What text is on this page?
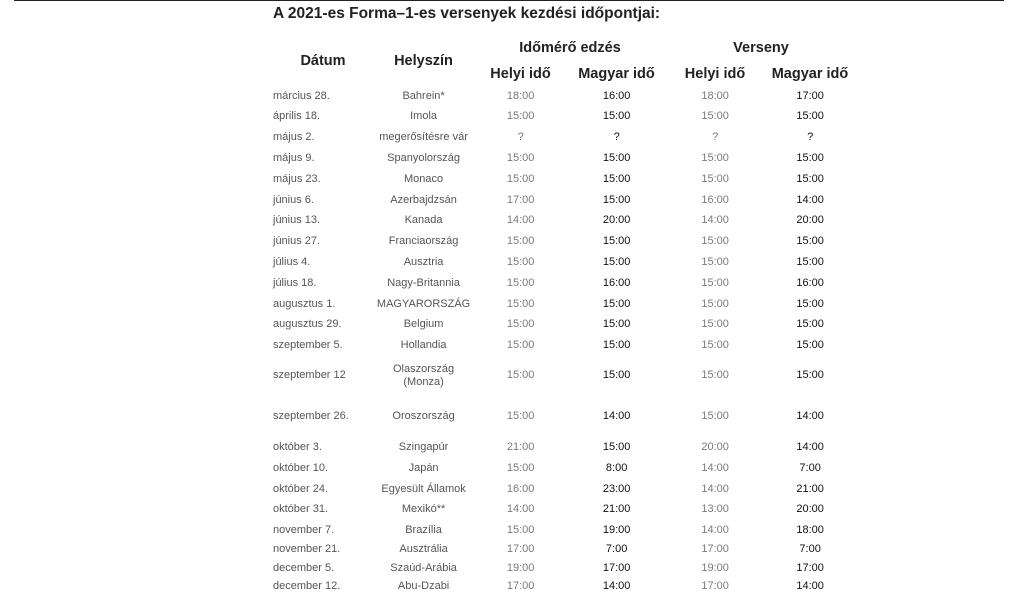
A 2021-es Forma–1-es versenyek kezdési időpontjai:
Dátum	Helyszín
Időmérő edzés	Verseny
Helyi idő	Magyar idő	Helyi idő	Magyar idő
március 28.	Bahrein*	18:00	16:00	18:00	17:00
április 18.	Imola	15:00	15:00	15:00	15:00
május 2.	megerősítésre vár	?	?	?	?
május 9.	Spanyolország	15:00	15:00	15:00	15:00
május 23.	Monaco	15:00	15:00	15:00	15:00
június 6.	Azerbajdzsán	17:00	15:00	16:00	14:00
június 13.	Kanada	14:00	20:00	14:00	20:00
június 27.	Franciaország	15:00	15:00	15:00	15:00
július 4.	Ausztria	15:00	15:00	15:00	15:00
július 18.	Nagy-Britannia	15:00	16:00	15:00	16:00
augusztus 1.	MAGYARORSZÁG	15:00	15:00	15:00	15:00
augusztus 29.	Belgium	15:00	15:00	15:00	15:00
szeptember 5.	Hollandia	15:00	15:00	15:00	15:00
szeptember 12	Olaszország (Monza)	15:00	15:00	15:00	15:00
szeptember 26.	Oroszország	15:00	14:00	15:00	14:00
október 3.	Szingapúr	21:00	15:00	20:00	14:00
október 10.	Japán	15:00	8:00	14:00	7:00
október 24.	Egyesült Államok	16:00	23:00	14:00	21:00
október 31.	Mexikó**	14:00	21:00	13:00	20:00
november 7.	Brazília	15:00	19:00	14:00	18:00
november 21.	Ausztrália	17:00	7:00	17:00	7:00
december 5.	Szaúd-Arábia	19:00	17:00	19:00	17:00
december 12.	Abu-Dzabi	17:00	14:00	17:00	14:00
